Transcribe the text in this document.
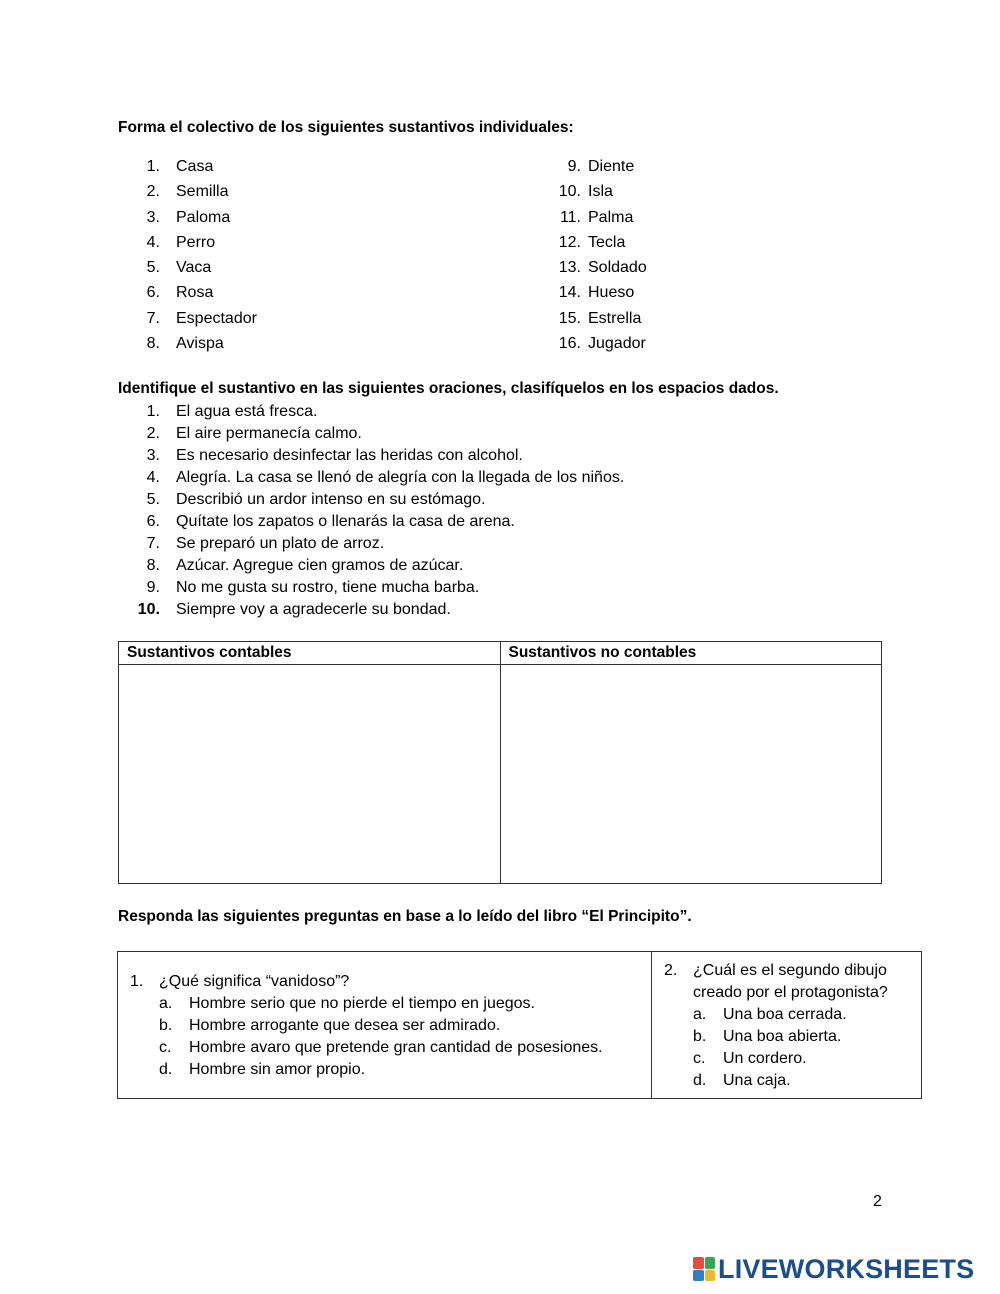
Forma el colectivo de los siguientes sustantivos individuales:
1. Casa
2. Semilla
3. Paloma
4. Perro
5. Vaca
6. Rosa
7. Espectador
8. Avispa
9. Diente
10. Isla
11. Palma
12. Tecla
13. Soldado
14. Hueso
15. Estrella
16. Jugador
Identifique el sustantivo en las siguientes oraciones, clasifíquelos en los espacios dados.
1. El agua está fresca.
2. El aire permanecía calmo.
3. Es necesario desinfectar las heridas con alcohol.
4. Alegría. La casa se llenó de alegría con la llegada de los niños.
5. Describió un ardor intenso en su estómago.
6. Quítate los zapatos o llenarás la casa de arena.
7. Se preparó un plato de arroz.
8. Azúcar. Agregue cien gramos de azúcar.
9. No me gusta su rostro, tiene mucha barba.
10. Siempre voy a agradecerle su bondad.
Sustantivos contables	Sustantivos no contables
Responda las siguientes preguntas en base a lo leído del libro “El Principito”.
1. ¿Qué significa “vanidoso”?
a. Hombre serio que no pierde el tiempo en juegos.
b. Hombre arrogante que desea ser admirado.
c. Hombre avaro que pretende gran cantidad de posesiones.
d. Hombre sin amor propio.
2. ¿Cuál es el segundo dibujo
creado por el protagonista?
a. Una boa cerrada.
b. Una boa abierta.
c. Un cordero.
d. Una caja.
2
LIVEWORKSHEETS
